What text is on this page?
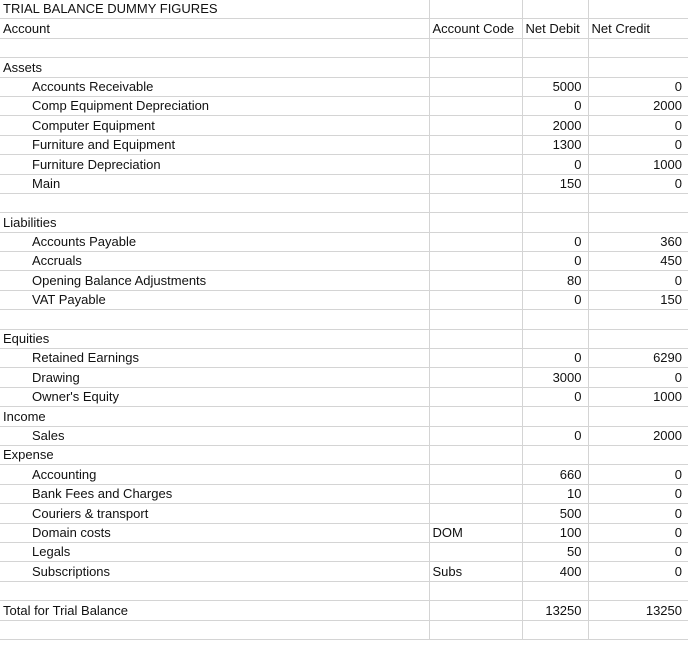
TRIAL BALANCE DUMMY FIGURES			
Account	Account Code	Net Debit	Net Credit

Assets			
Accounts Receivable		5000	0
Comp Equipment Depreciation		0	2000
Computer Equipment		2000	0
Furniture and Equipment		1300	0
Furniture Depreciation		0	1000
Main		150	0

Liabilities			
Accounts Payable		0	360
Accruals		0	450
Opening Balance Adjustments		80	0
VAT Payable		0	150

Equities			
Retained Earnings		0	6290
Drawing		3000	0
Owner's Equity		0	1000
Income			
Sales		0	2000
Expense			
Accounting		660	0
Bank Fees and Charges		10	0
Couriers & transport		500	0
Domain costs	DOM	100	0
Legals		50	0
Subscriptions	Subs	400	0

Total for Trial Balance		13250	13250
